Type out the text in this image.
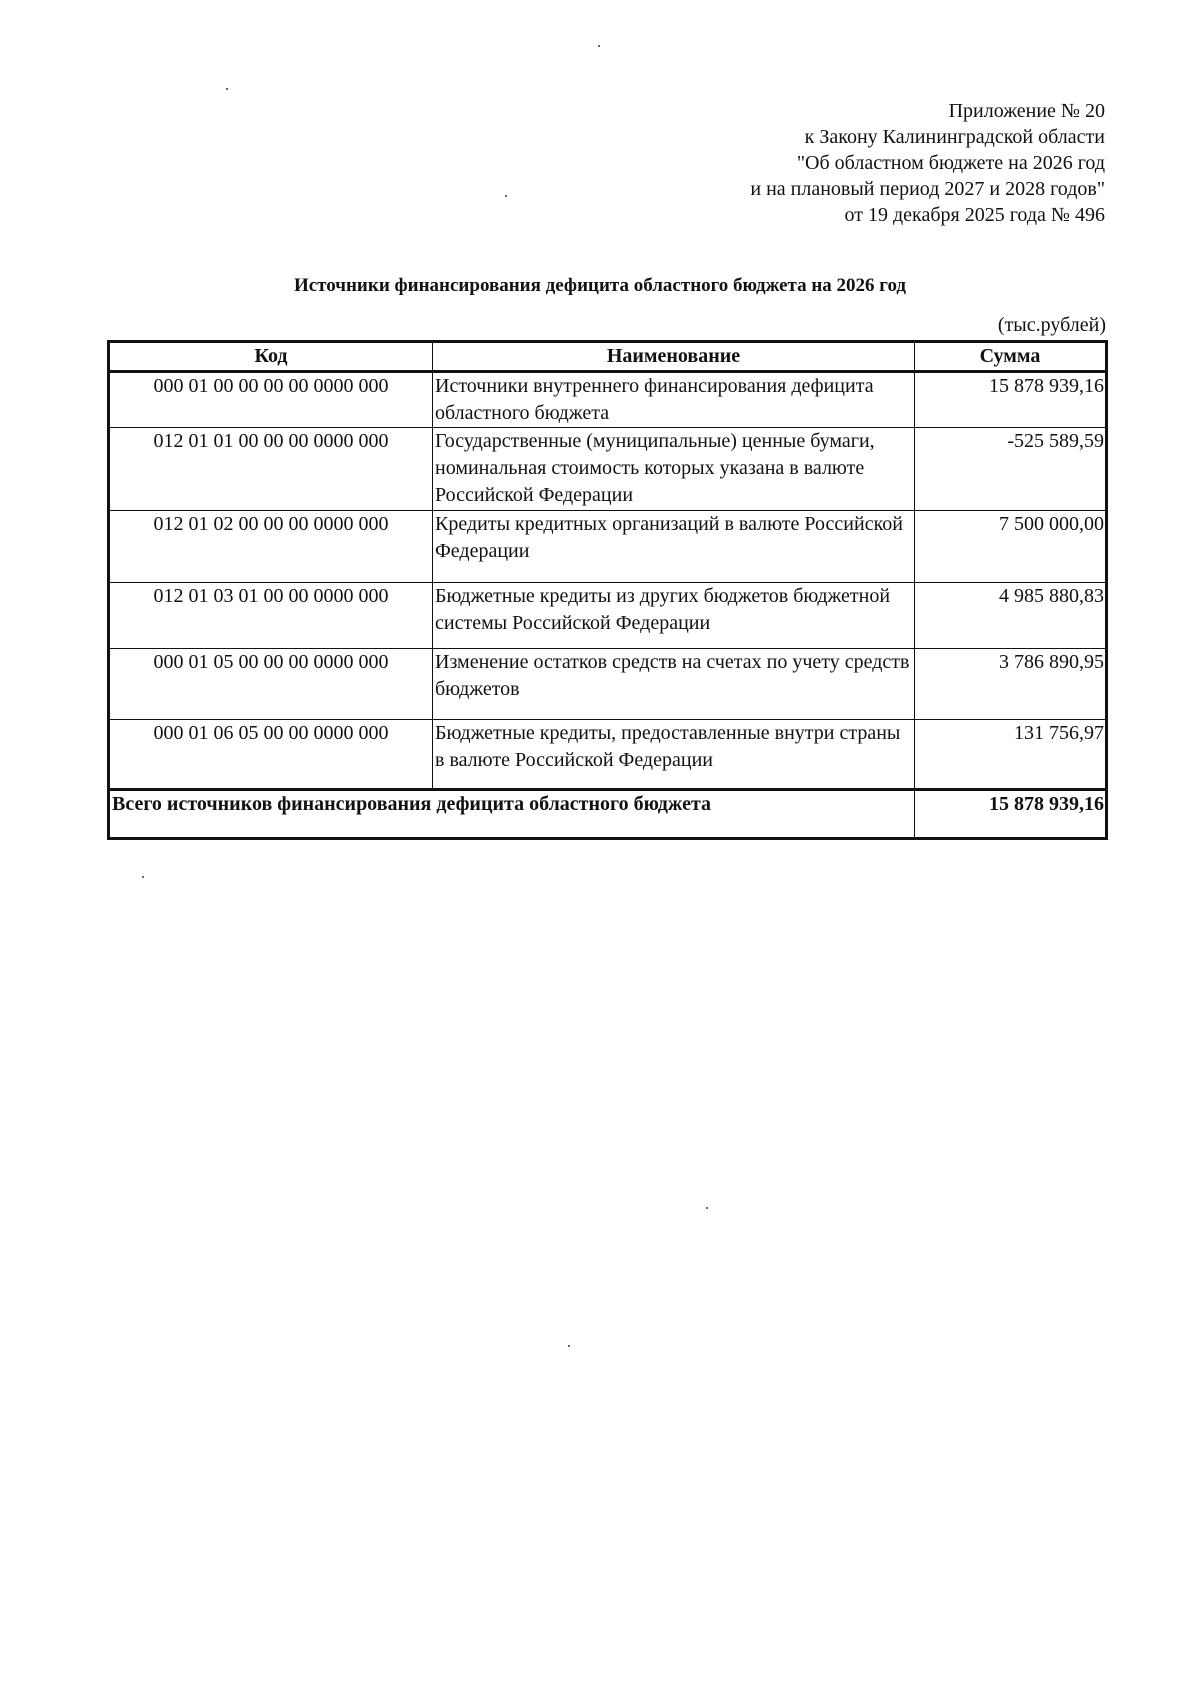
Приложение № 20
к Закону Калининградской области
"Об областном бюджете на 2026 год
и на плановый период 2027 и 2028 годов"
от 19 декабря 2025 года № 496
Источники финансирования дефицита областного бюджета на 2026 год
(тыс.рублей)
Код	Наименование	Сумма
000 01 00 00 00 00 0000 000	Источники внутреннего финансирования дефицита областного бюджета	15 878 939,16
012 01 01 00 00 00 0000 000	Государственные (муниципальные) ценные бумаги, номинальная стоимость которых указана в валюте Российской Федерации	-525 589,59
012 01 02 00 00 00 0000 000	Кредиты кредитных организаций в валюте Российской Федерации	7 500 000,00
012 01 03 01 00 00 0000 000	Бюджетные кредиты из других бюджетов бюджетной системы Российской Федерации	4 985 880,83
000 01 05 00 00 00 0000 000	Изменение остатков средств на счетах по учету средств бюджетов	3 786 890,95
000 01 06 05 00 00 0000 000	Бюджетные кредиты, предоставленные внутри страны в валюте Российской Федерации	131 756,97
Всего источников финансирования дефицита областного бюджета		15 878 939,16
